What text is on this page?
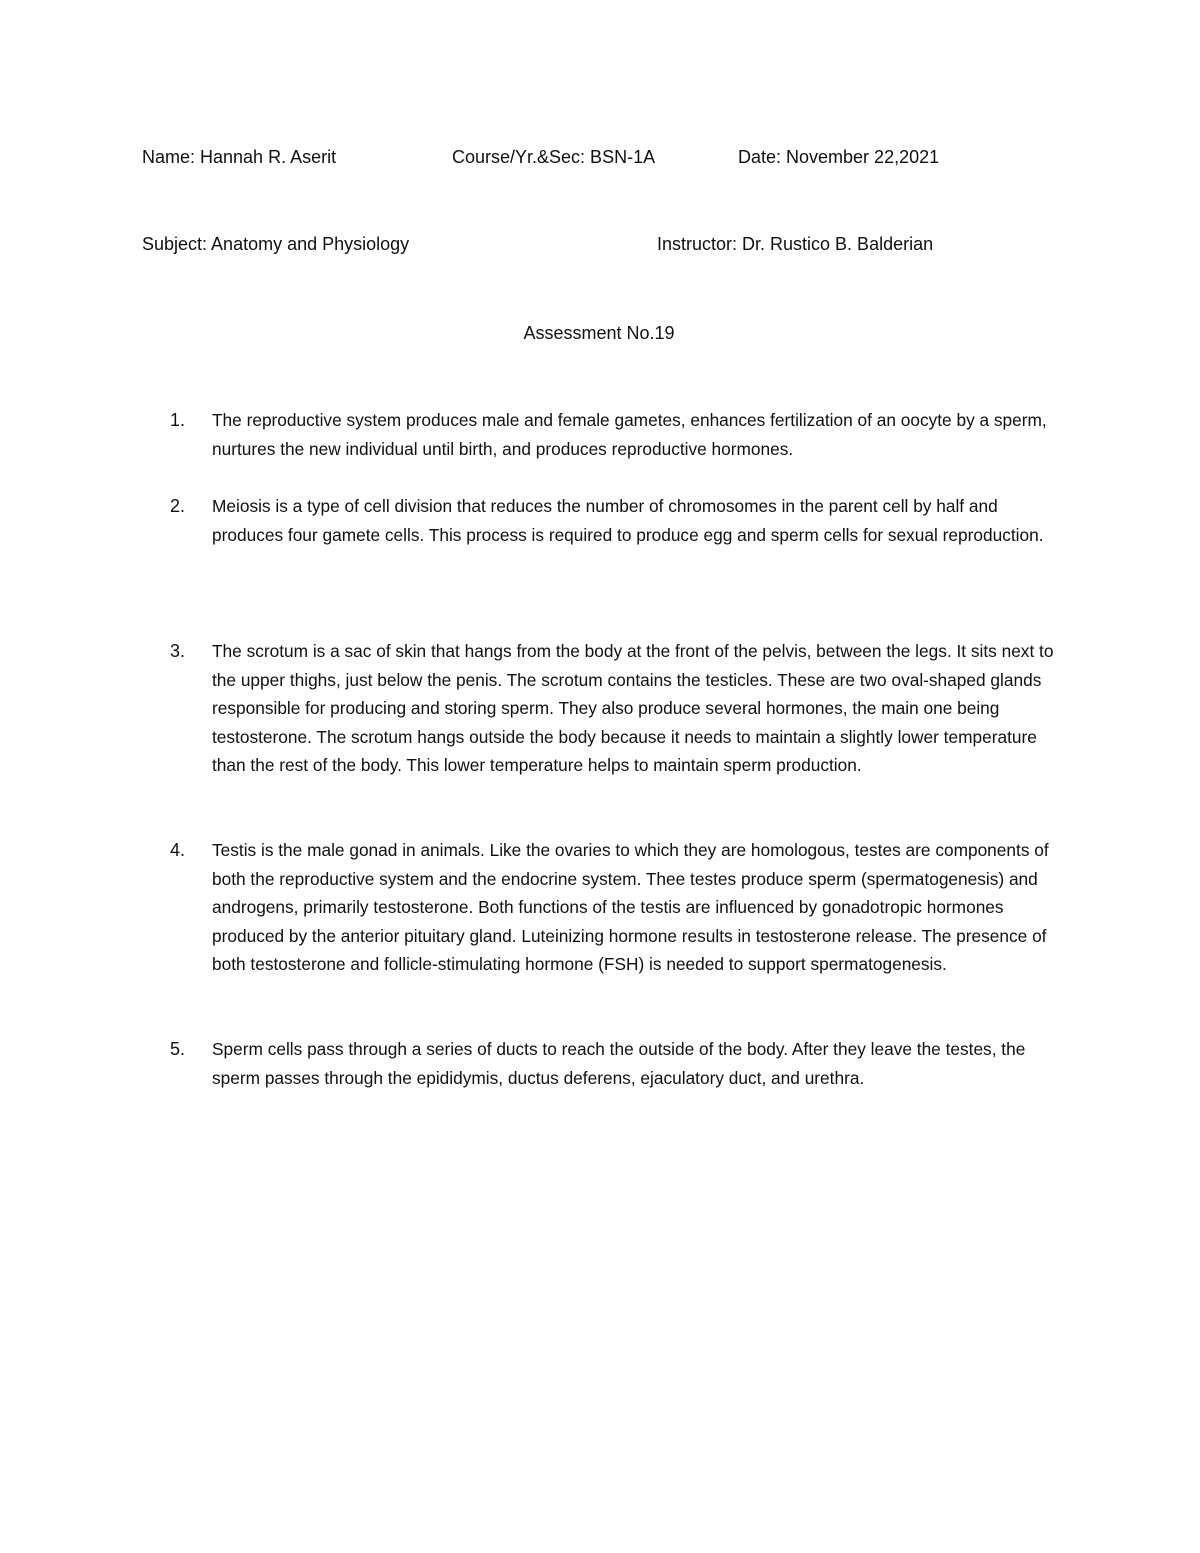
Name: Hannah R. Aserit	Course/Yr.&Sec: BSN-1A	Date: November 22,2021
Subject: Anatomy and Physiology	Instructor: Dr. Rustico B. Balderian
Assessment No.19
1.	The reproductive system produces male and female gametes, enhances fertilization of an oocyte by a sperm, nurtures the new individual until birth, and produces reproductive hormones.
2.	Meiosis is a type of cell division that reduces the number of chromosomes in the parent cell by half and produces four gamete cells. This process is required to produce egg and sperm cells for sexual reproduction.
3.	The scrotum is a sac of skin that hangs from the body at the front of the pelvis, between the legs. It sits next to the upper thighs, just below the penis. The scrotum contains the testicles. These are two oval-shaped glands responsible for producing and storing sperm. They also produce several hormones, the main one being testosterone. The scrotum hangs outside the body because it needs to maintain a slightly lower temperature than the rest of the body. This lower temperature helps to maintain sperm production.
4.	Testis is the male gonad in animals. Like the ovaries to which they are homologous, testes are components of both the reproductive system and the endocrine system. Thee testes produce sperm (spermatogenesis) and androgens, primarily testosterone. Both functions of the testis are influenced by gonadotropic hormones produced by the anterior pituitary gland. Luteinizing hormone results in testosterone release. The presence of both testosterone and follicle-stimulating hormone (FSH) is needed to support spermatogenesis.
5.	Sperm cells pass through a series of ducts to reach the outside of the body. After they leave the testes, the sperm passes through the epididymis, ductus deferens, ejaculatory duct, and urethra.
